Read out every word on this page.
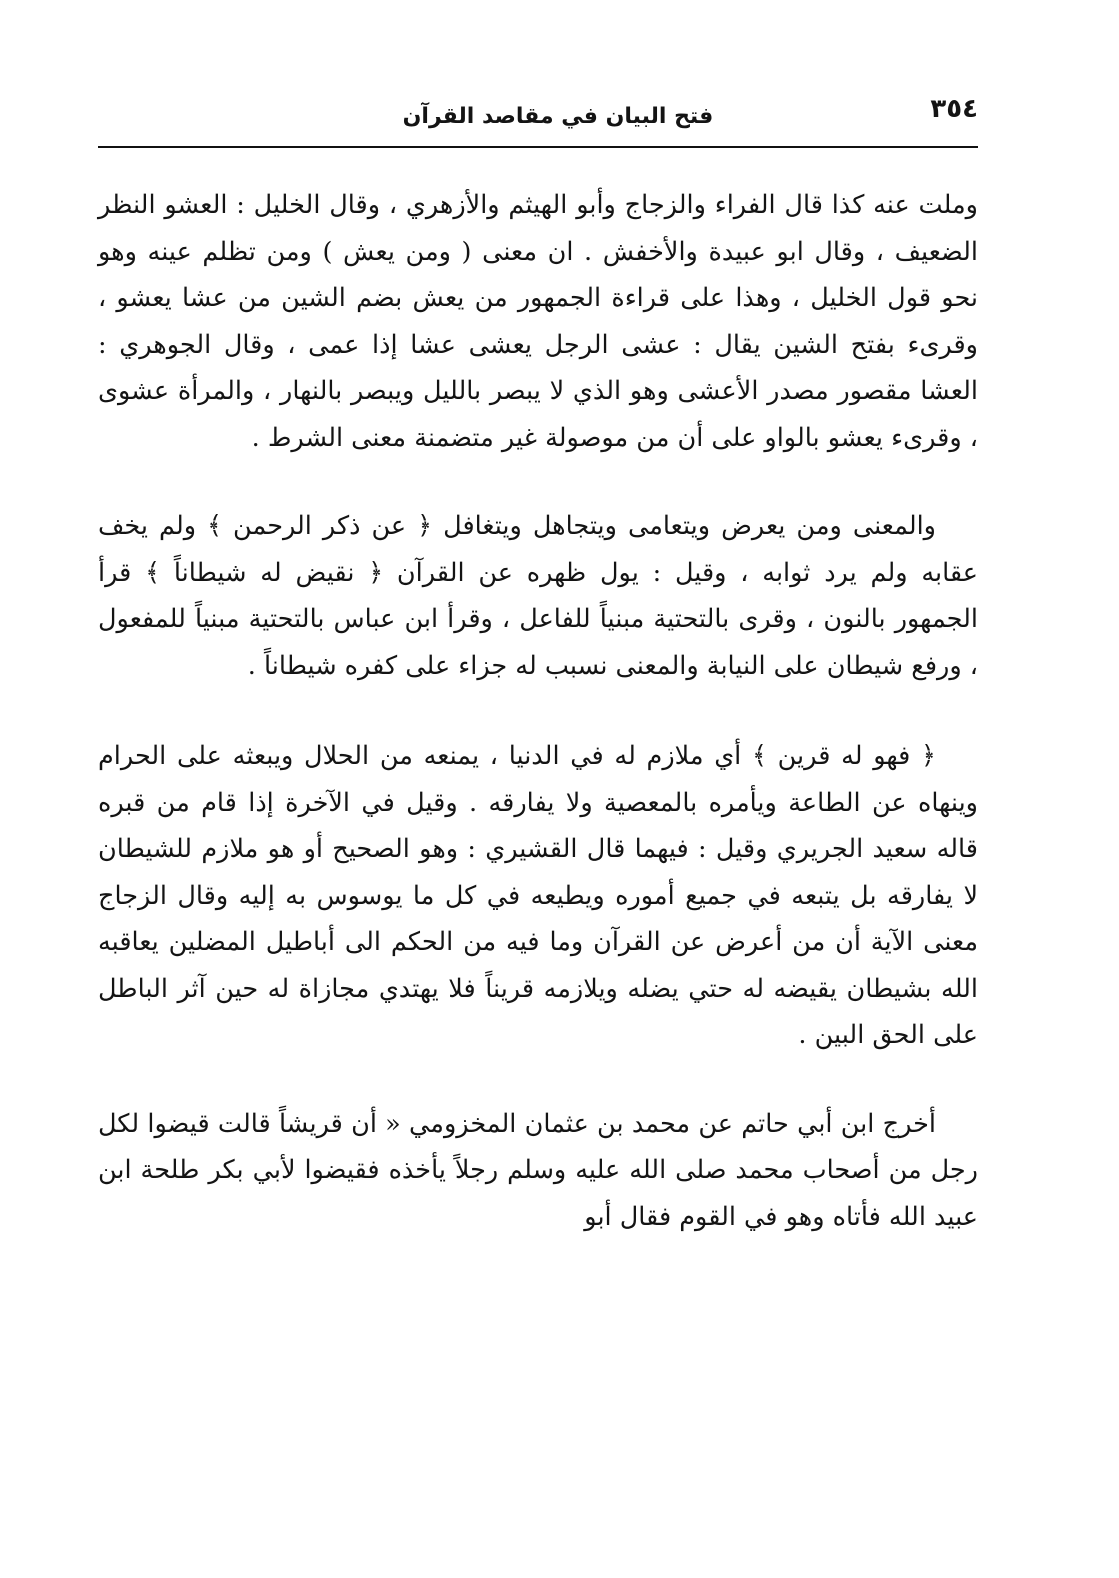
٣٥٤
فتح البيان في مقاصد القرآن

وملت عنه كذا قال الفراء والزجاج وأبو الهيثم والأزهري ، وقال الخليل : العشو النظر الضعيف ، وقال ابو عبيدة والأخفش . ان معنى ( ومن يعش ) ومن تظلم عينه وهو نحو قول الخليل ، وهذا على قراءة الجمهور من يعش بضم الشين من عشا يعشو ، وقرىء بفتح الشين يقال : عشى الرجل يعشى عشا إذا عمى ، وقال الجوهري : العشا مقصور مصدر الأعشى وهو الذي لا يبصر بالليل ويبصر بالنهار ، والمرأة عشوى ، وقرىء يعشو بالواو على أن من موصولة غير متضمنة معنى الشرط .

والمعنى ومن يعرض ويتعامى ويتجاهل ويتغافل ﴿ عن ذكر الرحمن ﴾ ولم يخف عقابه ولم يرد ثوابه ، وقيل : يول ظهره عن القرآن ﴿ نقيض له شيطاناً ﴾ قرأ الجمهور بالنون ، وقرى بالتحتية مبنياً للفاعل ، وقرأ ابن عباس بالتحتية مبنياً للمفعول ، ورفع شيطان على النيابة والمعنى نسبب له جزاء على كفره شيطاناً .

﴿ فهو له قرين ﴾ أي ملازم له في الدنيا ، يمنعه من الحلال ويبعثه على الحرام وينهاه عن الطاعة ويأمره بالمعصية ولا يفارقه . وقيل في الآخرة إذا قام من قبره قاله سعيد الجريري وقيل : فيهما قال القشيري : وهو الصحيح أو هو ملازم للشيطان لا يفارقه بل يتبعه في جميع أموره ويطيعه في كل ما يوسوس به إليه وقال الزجاج معنى الآية أن من أعرض عن القرآن وما فيه من الحكم الى أباطيل المضلين يعاقبه الله بشيطان يقيضه له حتي يضله ويلازمه قريناً فلا يهتدي مجازاة له حين آثر الباطل على الحق البين .

أخرج ابن أبي حاتم عن محمد بن عثمان المخزومي « أن قريشاً قالت قيضوا لكل رجل من أصحاب محمد صلى الله عليه وسلم رجلاً يأخذه فقيضوا لأبي بكر طلحة ابن عبيد الله فأتاه وهو في القوم فقال أبو
